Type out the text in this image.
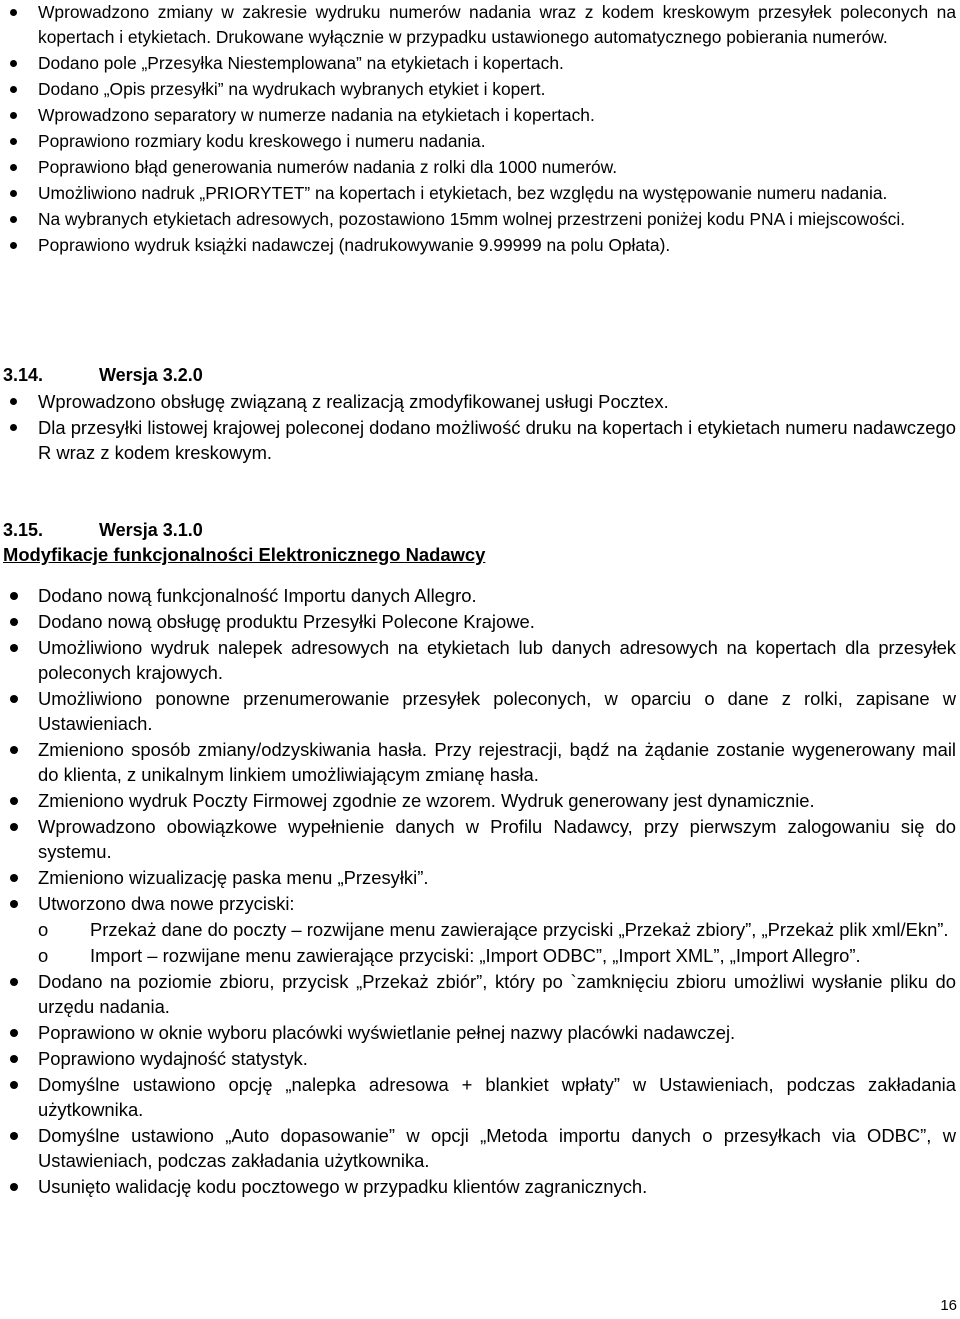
Wprowadzono zmiany w zakresie wydruku numerów nadania wraz z kodem kreskowym przesyłek poleconych na kopertach i etykietach. Drukowane wyłącznie w przypadku ustawionego automatycznego pobierania numerów.
Dodano pole „Przesyłka Niestemplowana” na etykietach i kopertach.
Dodano „Opis przesyłki” na wydrukach wybranych etykiet i kopert.
Wprowadzono separatory w numerze nadania na etykietach i kopertach.
Poprawiono rozmiary kodu kreskowego i numeru nadania.
Poprawiono błąd generowania numerów nadania z rolki dla 1000 numerów.
Umożliwiono nadruk „PRIORYTET” na kopertach i etykietach, bez względu na występowanie numeru nadania.
Na wybranych etykietach adresowych, pozostawiono 15mm wolnej przestrzeni poniżej kodu PNA i miejscowości.
Poprawiono wydruk książki nadawczej (nadrukowywanie 9.99999 na polu Opłata).
3.14.	Wersja 3.2.0
Wprowadzono obsługę związaną z realizacją zmodyfikowanej usługi Pocztex.
Dla przesyłki listowej krajowej poleconej dodano możliwość druku na kopertach i etykietach numeru nadawczego R wraz z kodem kreskowym.
3.15.	Wersja 3.1.0
Modyfikacje funkcjonalności Elektronicznego Nadawcy
Dodano nową funkcjonalność Importu danych Allegro.
Dodano nową obsługę produktu Przesyłki Polecone Krajowe.
Umożliwiono wydruk nalepek adresowych na etykietach lub danych adresowych na kopertach dla przesyłek poleconych krajowych.
Umożliwiono ponowne przenumerowanie przesyłek poleconych, w oparciu o dane z rolki, zapisane w Ustawieniach.
Zmieniono sposób zmiany/odzyskiwania hasła. Przy rejestracji, bądź na żądanie zostanie wygenerowany mail do klienta, z unikalnym linkiem umożliwiającym zmianę hasła.
Zmieniono wydruk Poczty Firmowej zgodnie ze wzorem. Wydruk generowany jest dynamicznie.
Wprowadzono obowiązkowe wypełnienie danych w Profilu Nadawcy, przy pierwszym zalogowaniu się do systemu.
Zmieniono wizualizację paska menu „Przesyłki”.
Utworzono dwa nowe przyciski:
o Przekaż dane do poczty – rozwijane menu zawierające przyciski „Przekaż zbiory”, „Przekaż plik xml/Ekn”.
o Import – rozwijane menu zawierające przyciski: „Import ODBC”, „Import XML”, „Import Allegro”.
Dodano na poziomie zbioru, przycisk „Przekaż zbiór”, który po `zamknięciu zbioru umożliwi wysłanie pliku do urzędu nadania.
Poprawiono w oknie wyboru placówki wyświetlanie pełnej nazwy placówki nadawczej.
Poprawiono wydajność statystyk.
Domyślne ustawiono opcję „nalepka adresowa + blankiet wpłaty” w Ustawieniach, podczas zakładania użytkownika.
Domyślne ustawiono „Auto dopasowanie” w opcji „Metoda importu danych o przesyłkach via ODBC”, w Ustawieniach, podczas zakładania użytkownika.
Usunięto walidację kodu pocztowego w przypadku klientów zagranicznych.
16
